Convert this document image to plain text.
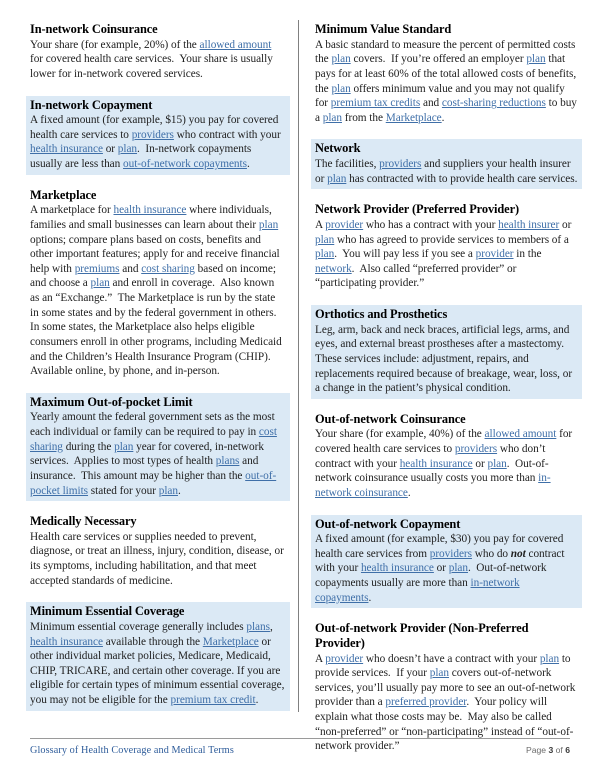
In-network Coinsurance

Your share (for example, 20%) of the allowed amount for covered health care services.  Your share is usually lower for in-network covered services.

In-network Copayment

A fixed amount (for example, $15) you pay for covered health care services to providers who contract with your health insurance or plan.  In-network copayments usually are less than out-of-network copayments.

Marketplace

A marketplace for health insurance where individuals, families and small businesses can learn about their plan options; compare plans based on costs, benefits and other important features; apply for and receive financial help with premiums and cost sharing based on income; and choose a plan and enroll in coverage.  Also known as an “Exchange.”  The Marketplace is run by the state in some states and by the federal government in others.  In some states, the Marketplace also helps eligible consumers enroll in other programs, including Medicaid and the Children’s Health Insurance Program (CHIP).  Available online, by phone, and in-person.

Maximum Out-of-pocket Limit

Yearly amount the federal government sets as the most each individual or family can be required to pay in cost sharing during the plan year for covered, in-network services.  Applies to most types of health plans and insurance.  This amount may be higher than the out-of-pocket limits stated for your plan.

Medically Necessary

Health care services or supplies needed to prevent, diagnose, or treat an illness, injury, condition, disease, or its symptoms, including habilitation, and that meet accepted standards of medicine.

Minimum Essential Coverage

Minimum essential coverage generally includes plans, health insurance available through the Marketplace or other individual market policies, Medicare, Medicaid, CHIP, TRICARE, and certain other coverage. If you are eligible for certain types of minimum essential coverage, you may not be eligible for the premium tax credit.

Minimum Value Standard

A basic standard to measure the percent of permitted costs the plan covers.  If you’re offered an employer plan that pays for at least 60% of the total allowed costs of benefits, the plan offers minimum value and you may not qualify for premium tax credits and cost-sharing reductions to buy a plan from the Marketplace.

Network

The facilities, providers and suppliers your health insurer or plan has contracted with to provide health care services.

Network Provider (Preferred Provider)

A provider who has a contract with your health insurer or plan who has agreed to provide services to members of a plan.  You will pay less if you see a provider in the network.  Also called “preferred provider” or “participating provider.”

Orthotics and Prosthetics

Leg, arm, back and neck braces, artificial legs, arms, and eyes, and external breast prostheses after a mastectomy. These services include: adjustment, repairs, and replacements required because of breakage, wear, loss, or a change in the patient’s physical condition.

Out-of-network Coinsurance

Your share (for example, 40%) of the allowed amount for covered health care services to providers who don’t contract with your health insurance or plan.  Out-of-network coinsurance usually costs you more than in-network coinsurance.

Out-of-network Copayment

A fixed amount (for example, $30) you pay for covered health care services from providers who do not contract with your health insurance or plan.  Out-of-network copayments usually are more than in-network copayments.

Out-of-network Provider (Non-Preferred Provider)

A provider who doesn’t have a contract with your plan to provide services.  If your plan covers out-of-network services, you’ll usually pay more to see an out-of-network provider than a preferred provider.  Your policy will explain what those costs may be.  May also be called “non-preferred” or “non-participating” instead of “out-of-network provider.”

Glossary of Health Coverage and Medical Terms	Page 3 of 6
